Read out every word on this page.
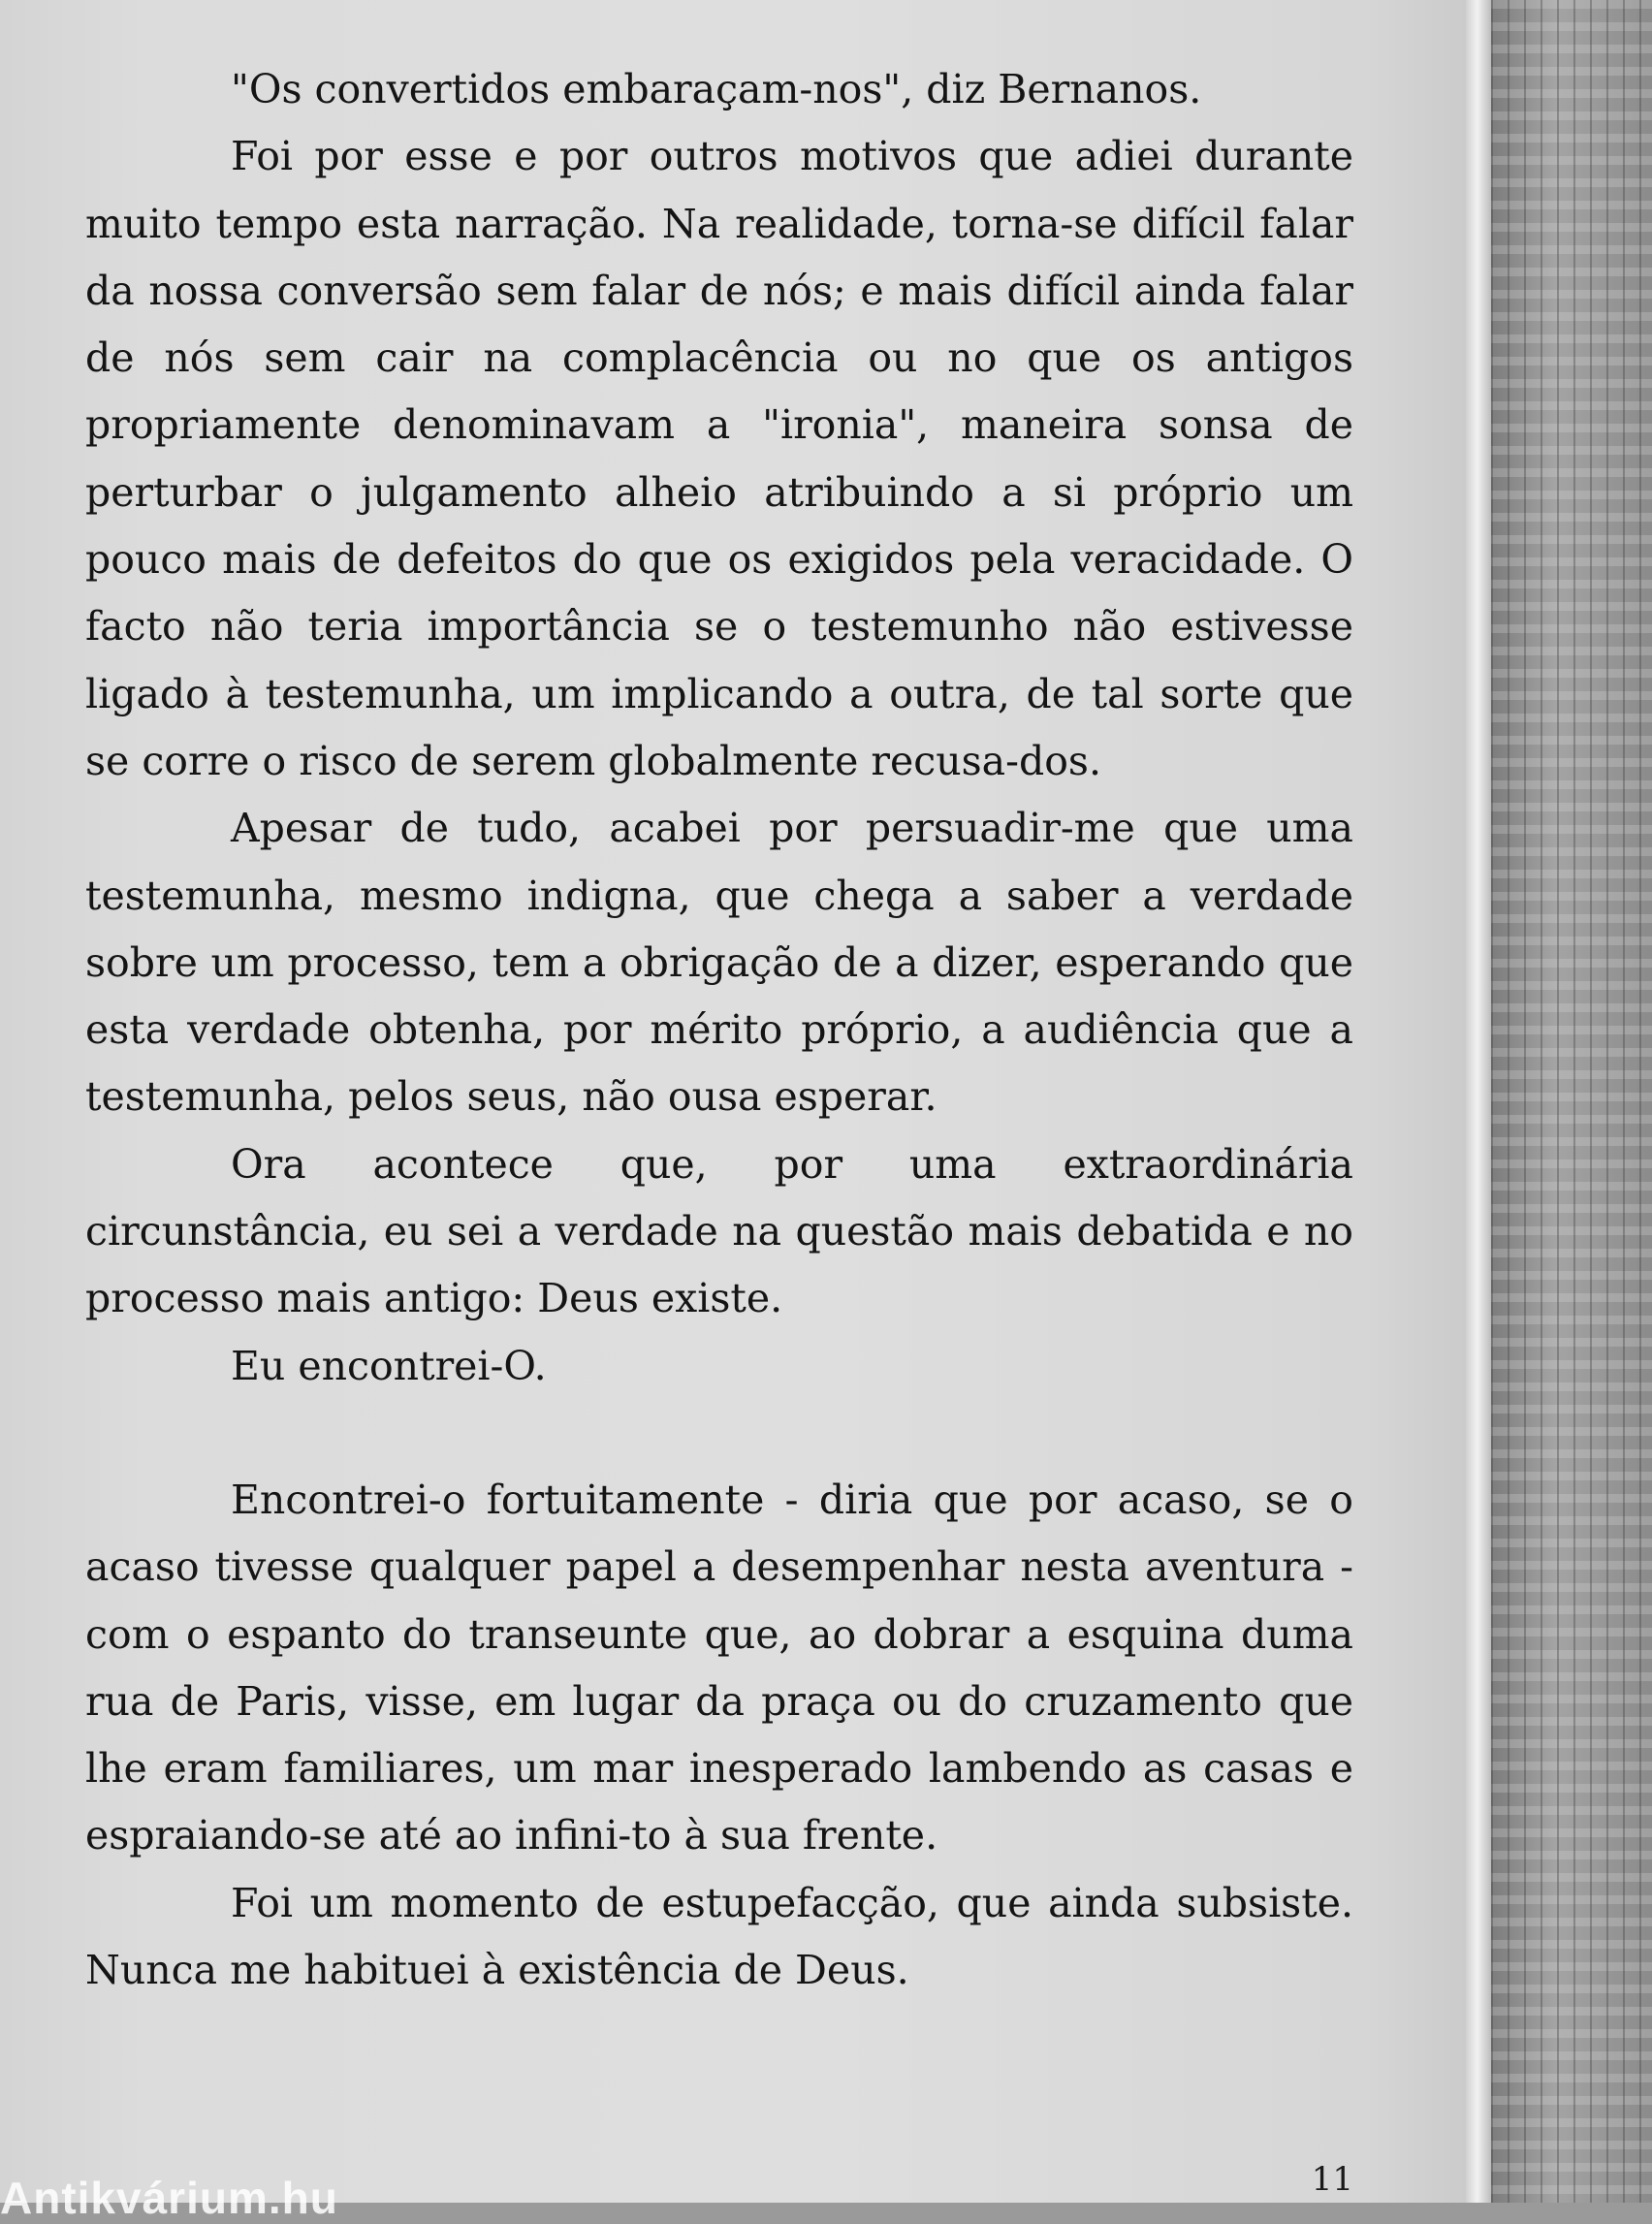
"Os convertidos embaraçam-nos", diz Bernanos.

Foi por esse e por outros motivos que adiei durante muito tempo esta narração. Na realidade, torna-se difícil falar da nossa conversão sem falar de nós; e mais difícil ainda falar de nós sem cair na complacência ou no que os antigos propriamente denominavam a "ironia", maneira sonsa de perturbar o julgamento alheio atribuindo a si próprio um pouco mais de defeitos do que os exigidos pela veracidade. O facto não teria importância se o testemunho não estivesse ligado à testemunha, um implicando a outra, de tal sorte que se corre o risco de serem globalmente recusa-dos.

Apesar de tudo, acabei por persuadir-me que uma testemunha, mesmo indigna, que chega a saber a verdade sobre um processo, tem a obrigação de a dizer, esperando que esta verdade obtenha, por mérito próprio, a audiência que a testemunha, pelos seus, não ousa esperar.

Ora acontece que, por uma extraordinária circunstância, eu sei a verdade na questão mais debatida e no processo mais antigo: Deus existe.

Eu encontrei-O.

Encontrei-o fortuitamente - diria que por acaso, se o acaso tivesse qualquer papel a desempenhar nesta aventura - com o espanto do transeunte que, ao dobrar a esquina duma rua de Paris, visse, em lugar da praça ou do cruzamento que lhe eram familiares, um mar inesperado lambendo as casas e espraiando-se até ao infini-to à sua frente.

Foi um momento de estupefacção, que ainda subsiste. Nunca me habituei à existência de Deus.

11
Antikvárium.hu
